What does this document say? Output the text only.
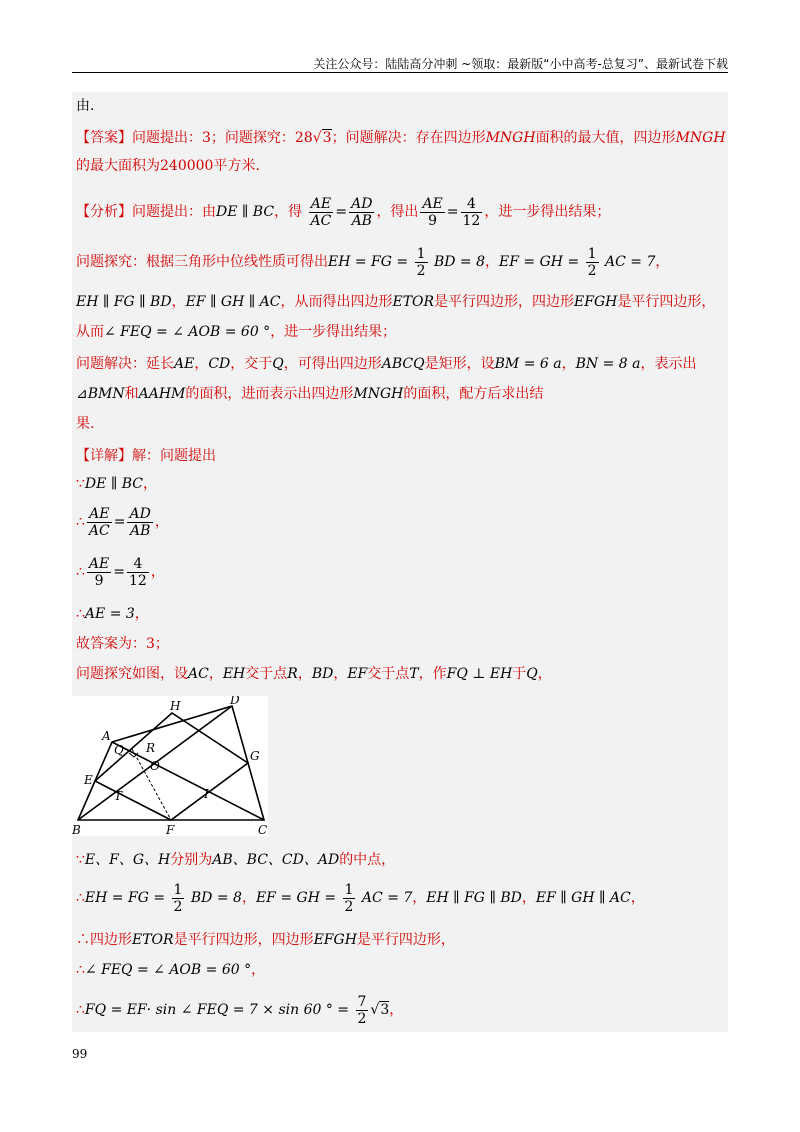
关注公众号：陆陆高分冲刺 ~领取：最新版“小中高考-总复习”、最新试卷下载
由.
【答案】问题提出：3；问题探究：28√3；问题解决：存在四边形MNGH面积的最大值，四边形MNGH
的最大面积为240000平方米.
【分析】问题提出：由DE ∥ BC，得 $\frac{AE}{AC} = \frac{AD}{AB}$ ，得出 $\frac{AE}{9} = \frac{4}{12}$ ，进一步得出结果；
问题探究：根据三角形中位线性质可得出EH = FG = $\frac{1}{2}$ BD = 8，EF = GH = $\frac{1}{2}$ AC = 7，
EH ∥ FG ∥ BD，EF ∥ GH ∥ AC，从而得出四边形ETOR是平行四边形，四边形EFGH是平行四边形，
从而∠ FEQ = ∠ AOB = 60 °，进一步得出结果；
问题解决：延长AE，CD，交于Q，可得出四边形ABCQ是矩形，设BM = 6 a，BN = 8 a，表示出
⊿BMN和AAHM的面积，进而表示出四边形MNGH的面积，配方后求出结
果.
【详解】解：问题提出
∵DE ∥ BC，
∴ $\frac{AE}{AC} = \frac{AD}{AB}$ ，
∴ $\frac{AE}{9} = \frac{4}{12}$ ，
∴AE = 3，
故答案为：3；
问题探究如图，设AC，EH交于点R，BD，EF交于点T，作FQ ⊥ EH于Q，
A
B	C
D
E
F
G
H
I
O
Q R
T
∵E、F、G、H分别为AB、BC、CD、AD的中点，
∴EH = FG = $\frac{1}{2}$ BD = 8，EF = GH = $\frac{1}{2}$ AC = 7，EH ∥ FG ∥ BD，EF ∥ GH ∥ AC，
∴四边形ETOR是平行四边形，四边形EFGH是平行四边形，
∴∠ FEQ = ∠ AOB = 60 °，
∴FQ = EF· sin ∠ FEQ = 7 × sin 60 ° = $\frac{7}{2} √3$，
99
